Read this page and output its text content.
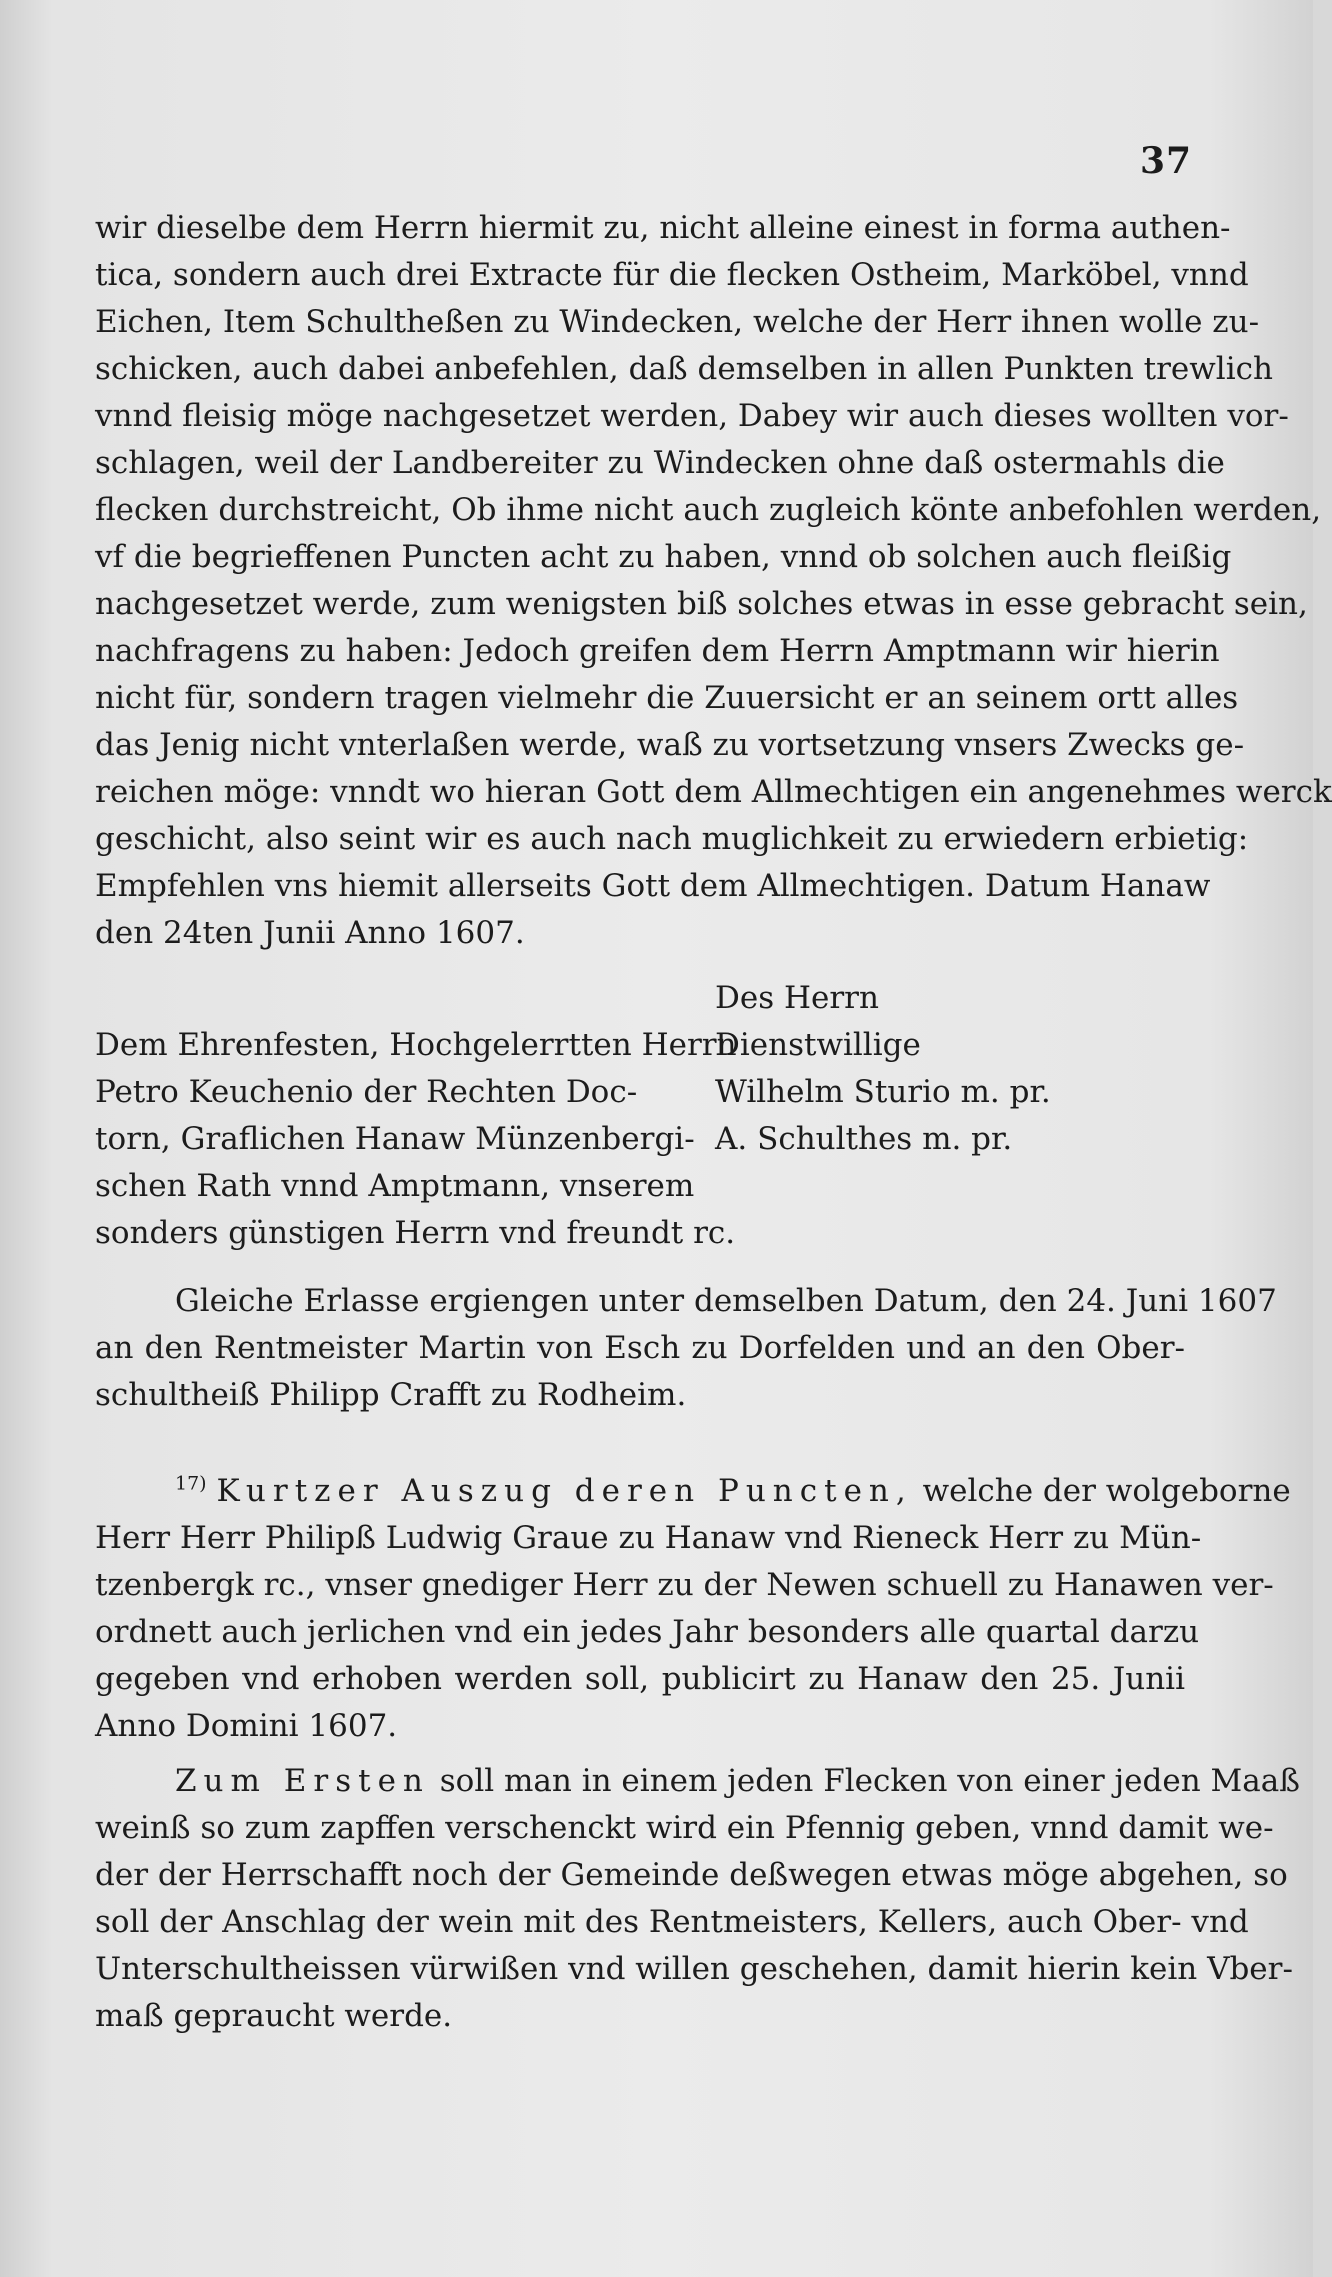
37
wir dieselbe dem Herrn hiermit zu, nicht alleine einest in forma authen-
tica, sondern auch drei Extracte für die flecken Ostheim, Marköbel, vnnd
Eichen, Item Schultheßen zu Windecken, welche der Herr ihnen wolle zu-
schicken, auch dabei anbefehlen, daß demselben in allen Punkten trewlich
vnnd fleisig möge nachgesetzet werden, Dabey wir auch dieses wollten vor-
schlagen, weil der Landbereiter zu Windecken ohne daß ostermahls die
flecken durchstreicht, Ob ihme nicht auch zugleich könte anbefohlen werden,
vf die begrieffenen Puncten acht zu haben, vnnd ob solchen auch fleißig
nachgesetzet werde, zum wenigsten biß solches etwas in esse gebracht sein,
nachfragens zu haben: Jedoch greifen dem Herrn Amptmann wir hierin
nicht für, sondern tragen vielmehr die Zuuersicht er an seinem ortt alles
das Jenig nicht vnterlaßen werde, waß zu vortsetzung vnsers Zwecks ge-
reichen möge: vnndt wo hieran Gott dem Allmechtigen ein angenehmes werck
geschicht, also seint wir es auch nach muglichkeit zu erwiedern erbietig:
Empfehlen vns hiemit allerseits Gott dem Allmechtigen. Datum Hanaw
den 24ten Junii Anno 1607.
Des Herrn
Dem Ehrenfesten, Hochgelerrtten Herrn
Dienstwillige
Petro Keuchenio der Rechten Doc-	Wilhelm Sturio m. pr.
torn, Graflichen Hanaw Münzenbergi- A. Schulthes m. pr.
schen Rath vnnd Amptmann, vnserem
sonders günstigen Herrn vnd freundt rc.
Gleiche Erlasse ergiengen unter demselben Datum, den 24. Juni 1607
an den Rentmeister Martin von Esch zu Dorfelden und an den Ober-
schultheiß Philipp Crafft zu Rodheim.
$^{17)}$ Kurtzer Auszug deren Puncten, welche der wolgeborne
Herr Herr Philipß Ludwig Graue zu Hanaw vnd Rieneck Herr zu Mün-
tzenbergk rc., vnser gnediger Herr zu der Newen schuell zu Hanawen ver-
ordnett auch jerlichen vnd ein jedes Jahr besonders alle quartal darzu
gegeben vnd erhoben werden soll, publicirt zu Hanaw den 25. Junii
Anno Domini 1607.
Zum Ersten soll man in einem jeden Flecken von einer jeden Maaß
weinß so zum zapffen verschenckt wird ein Pfennig geben, vnnd damit we-
der der Herrschafft noch der Gemeinde deßwegen etwas möge abgehen, so
soll der Anschlag der wein mit des Rentmeisters, Kellers, auch Ober- vnd
Unterschultheissen vürwißen vnd willen geschehen, damit hierin kein Vber-
maß gepraucht werde.
